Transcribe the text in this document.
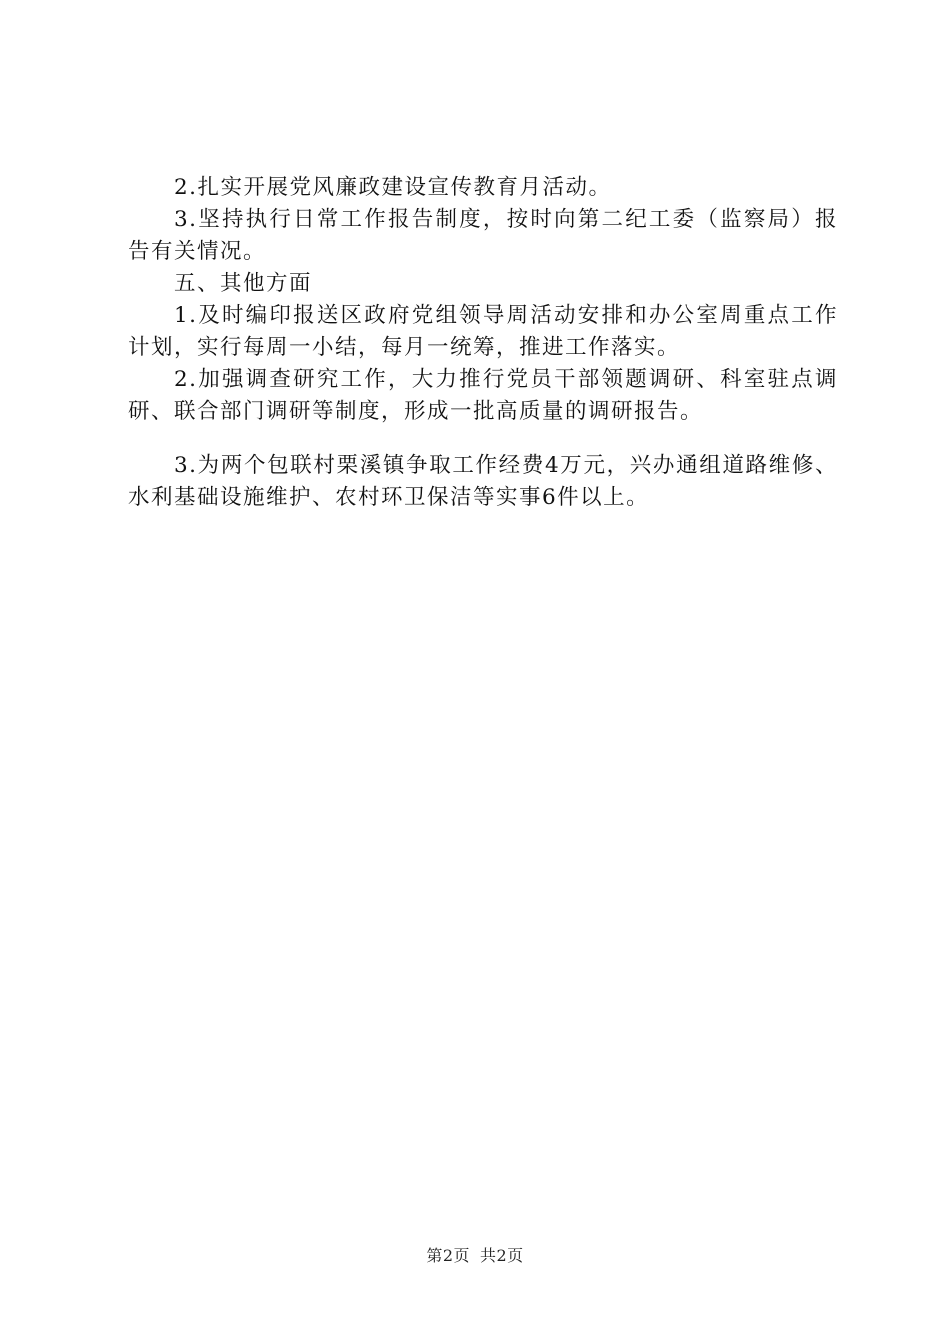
2.扎实开展党风廉政建设宣传教育月活动。

3.坚持执行日常工作报告制度，按时向第二纪工委（监察局）报告有关情况。

五、其他方面

1.及时编印报送区政府党组领导周活动安排和办公室周重点工作计划，实行每周一小结，每月一统筹，推进工作落实。

2.加强调查研究工作，大力推行党员干部领题调研、科室驻点调研、联合部门调研等制度，形成一批高质量的调研报告。

3.为两个包联村栗溪镇争取工作经费4万元，兴办通组道路维修、水利基础设施维护、农村环卫保洁等实事6件以上。

第2页 共2页
